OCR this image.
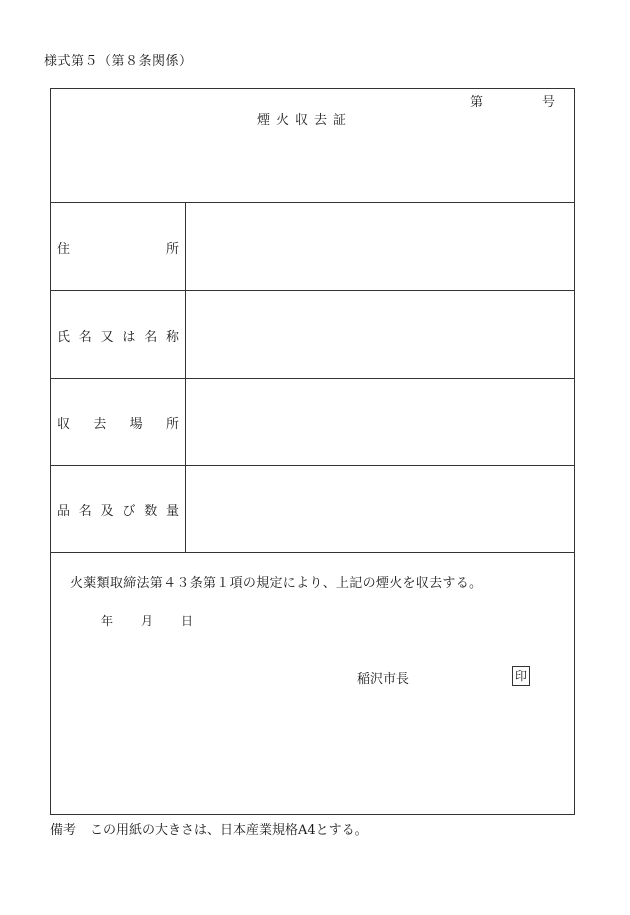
様式第５（第８条関係）
第	号
煙火収去証
住	所
氏 名 又 は 名 称
収 去 場 所
品 名 及 び 数 量
火薬類取締法第４３条第１項の規定により、上記の煙火を収去する。
年 月 日
稲沢市長	印
備考 この用紙の大きさは、日本産業規格A4とする。
